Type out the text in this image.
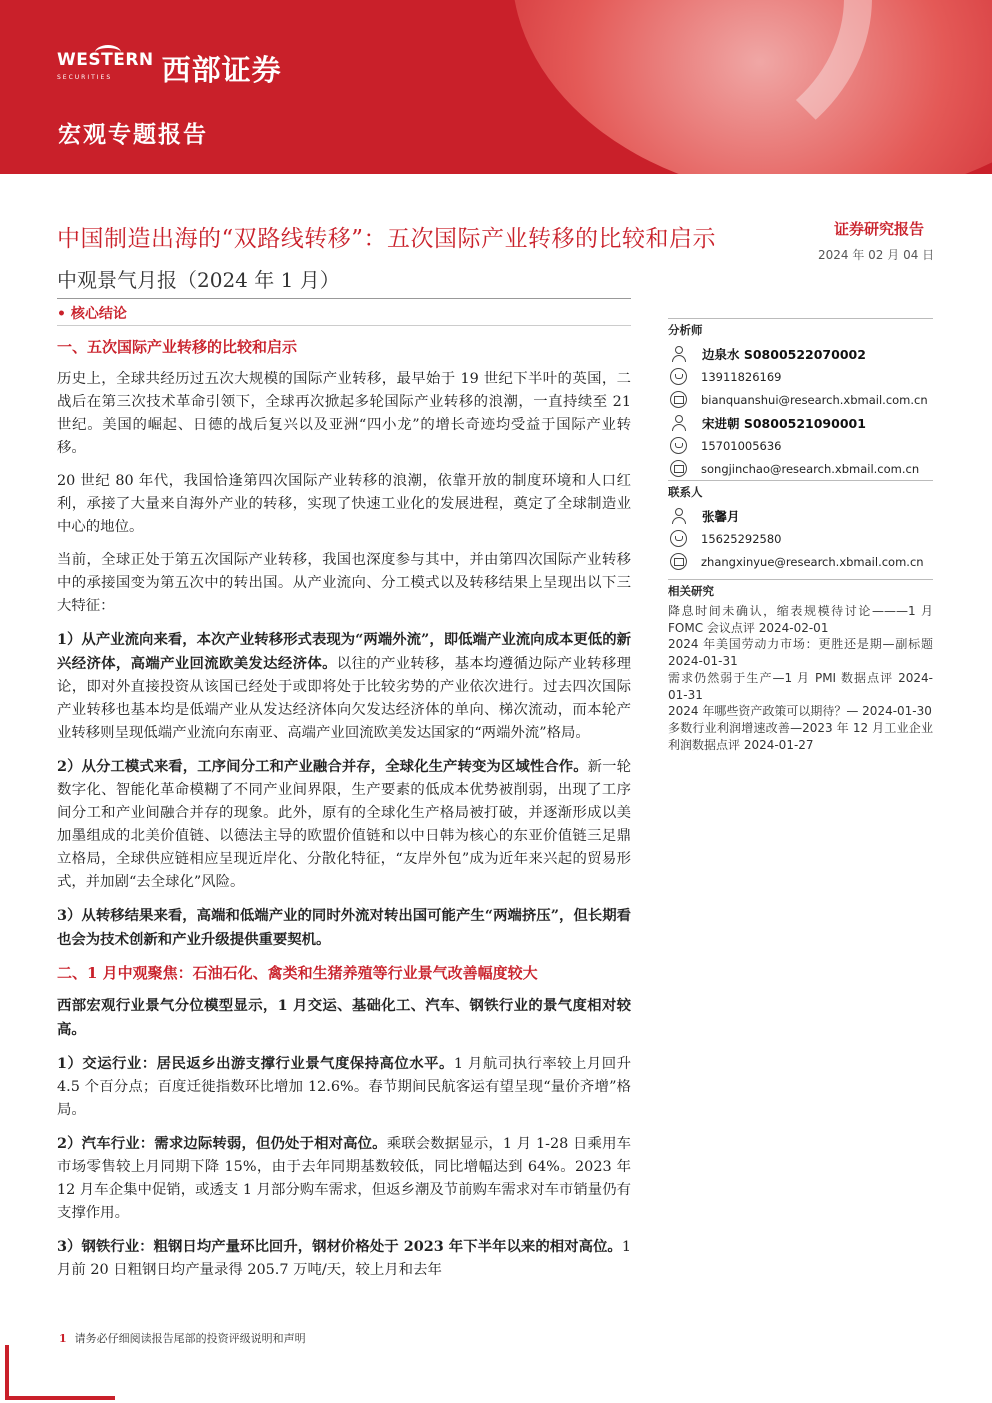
WESTERN
SECURITIES	西部证券
宏观专题报告
中国制造出海的“双路线转移”：五次国际产业转移的比较和启示	证券研究报告
2024 年 02 月 04 日
中观景气月报（2024 年 1 月）
• 核心结论
一、五次国际产业转移的比较和启示

历史上，全球共经历过五次大规模的国际产业转移，最早始于 19 世纪下半叶的英国，二战后在第三次技术革命引领下，全球再次掀起多轮国际产业转移的浪潮，一直持续至 21 世纪。美国的崛起、日德的战后复兴以及亚洲“四小龙”的增长奇迹均受益于国际产业转移。

20 世纪 80 年代，我国恰逢第四次国际产业转移的浪潮，依靠开放的制度环境和人口红利，承接了大量来自海外产业的转移，实现了快速工业化的发展进程，奠定了全球制造业中心的地位。

当前，全球正处于第五次国际产业转移，我国也深度参与其中，并由第四次国际产业转移中的承接国变为第五次中的转出国。从产业流向、分工模式以及转移结果上呈现出以下三大特征：

1）从产业流向来看，本次产业转移形式表现为“两端外流”，即低端产业流向成本更低的新兴经济体，高端产业回流欧美发达经济体。以往的产业转移，基本均遵循边际产业转移理论，即对外直接投资从该国已经处于或即将处于比较劣势的产业依次进行。过去四次国际产业转移也基本均是低端产业从发达经济体向欠发达经济体的单向、梯次流动，而本轮产业转移则呈现低端产业流向东南亚、高端产业回流欧美发达国家的“两端外流”格局。

2）从分工模式来看，工序间分工和产业融合并存，全球化生产转变为区域性合作。新一轮数字化、智能化革命模糊了不同产业间界限，生产要素的低成本优势被削弱，出现了工序间分工和产业间融合并存的现象。此外，原有的全球化生产格局被打破，并逐渐形成以美加墨组成的北美价值链、以德法主导的欧盟价值链和以中日韩为核心的东亚价值链三足鼎立格局，全球供应链相应呈现近岸化、分散化特征，“友岸外包”成为近年来兴起的贸易形式，并加剧“去全球化”风险。

3）从转移结果来看，高端和低端产业的同时外流对转出国可能产生“两端挤压”，但长期看也会为技术创新和产业升级提供重要契机。

二、1 月中观聚焦：石油石化、禽类和生猪养殖等行业景气改善幅度较大

西部宏观行业景气分位模型显示，1 月交运、基础化工、汽车、钢铁行业的景气度相对较高。

1）交运行业：居民返乡出游支撑行业景气度保持高位水平。1 月航司执行率较上月回升 4.5 个百分点；百度迁徙指数环比增加 12.6%。春节期间民航客运有望呈现“量价齐增”格局。

2）汽车行业：需求边际转弱，但仍处于相对高位。乘联会数据显示，1 月 1-28 日乘用车市场零售较上月同期下降 15%，由于去年同期基数较低，同比增幅达到 64%。2023 年 12 月车企集中促销，或透支 1 月部分购车需求，但返乡潮及节前购车需求对车市销量仍有支撑作用。

3）钢铁行业：粗钢日均产量环比回升，钢材价格处于 2023 年下半年以来的相对高位。1 月前 20 日粗钢日均产量录得 205.7 万吨/天，较上月和去年

分析师
边泉水 S0800522070002
13911826169
bianquanshui@research.xbmail.com.cn
宋进朝 S0800521090001
15701005636
songjinchao@research.xbmail.com.cn
联系人
张馨月
15625292580
zhangxinyue@research.xbmail.com.cn
相关研究
降息时间未确认，缩表规模待讨论———1 月 FOMC 会议点评 2024-02-01
2024 年美国劳动力市场：更胜还是期—副标题 2024-01-31
需求仍然弱于生产—1 月 PMI 数据点评 2024-01-31
2024 年哪些资产政策可以期待？— 2024-01-30
多数行业利润增速改善—2023 年 12 月工业企业利润数据点评 2024-01-27
1 请务必仔细阅读报告尾部的投资评级说明和声明
